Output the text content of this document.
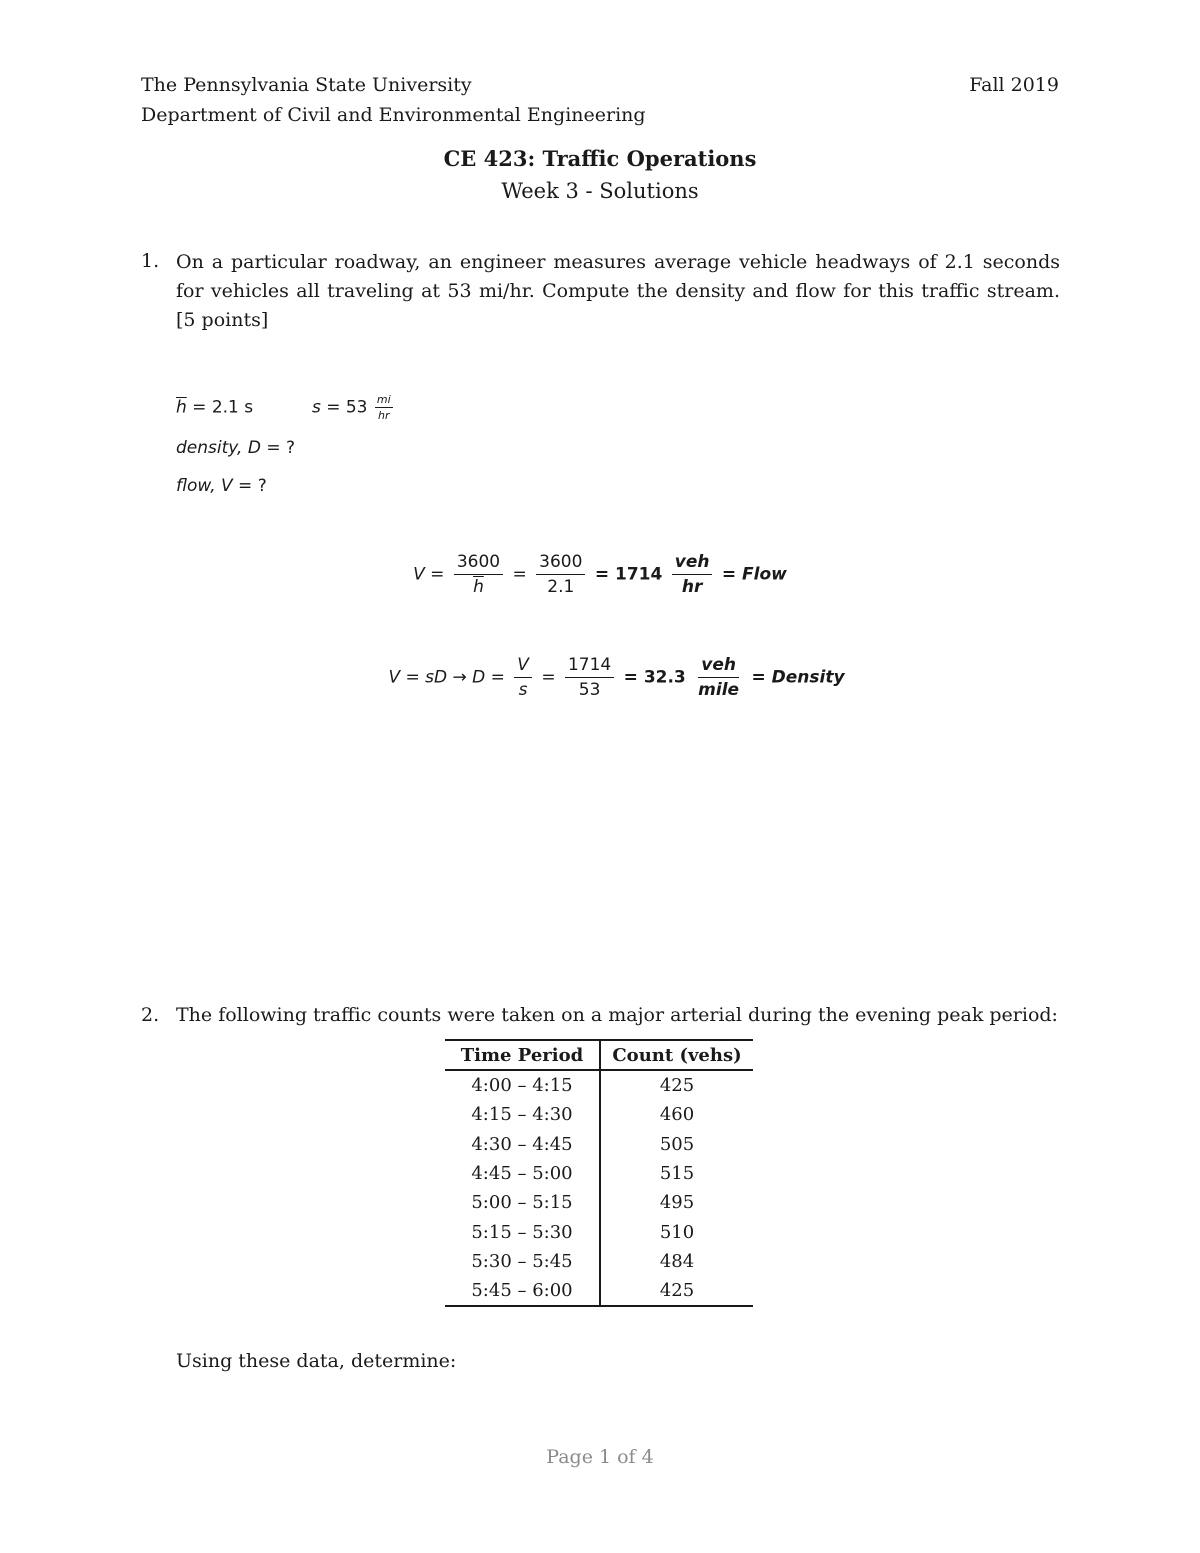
The Pennsylvania State University
Department of Civil and Environmental Engineering
Fall 2019
CE 423: Traffic Operations
Week 3 - Solutions
1. On a particular roadway, an engineer measures average vehicle headways of 2.1 seconds for vehicles all traveling at 53 mi/hr. Compute the density and flow for this traffic stream. [5 points]
$\overline{h} = 2.1$ s	$s = 53 \frac{mi}{hr}$
density, D = ?
flow, V = ?
$V = \frac{3600}{h} = \frac{3600}{2.1} = 1714 \frac{\text{veh}}{hr}$ = Flow
V = sD → $D = \frac{V}{s} = \frac{1714}{53} = 32.3 \frac{\text{veh}}{\text{mile}}$ = Density
2. The following traffic counts were taken on a major arterial during the evening peak period:
Time Period	Count (vehs)
4:00 – 4:15	425
4:15 – 4:30	460
4:30 – 4:45	505
4:45 – 5:00	515
5:00 – 5:15	495
5:15 – 5:30	510
5:30 – 5:45	484
5:45 – 6:00	425
Using these data, determine:
Page 1 of 4
